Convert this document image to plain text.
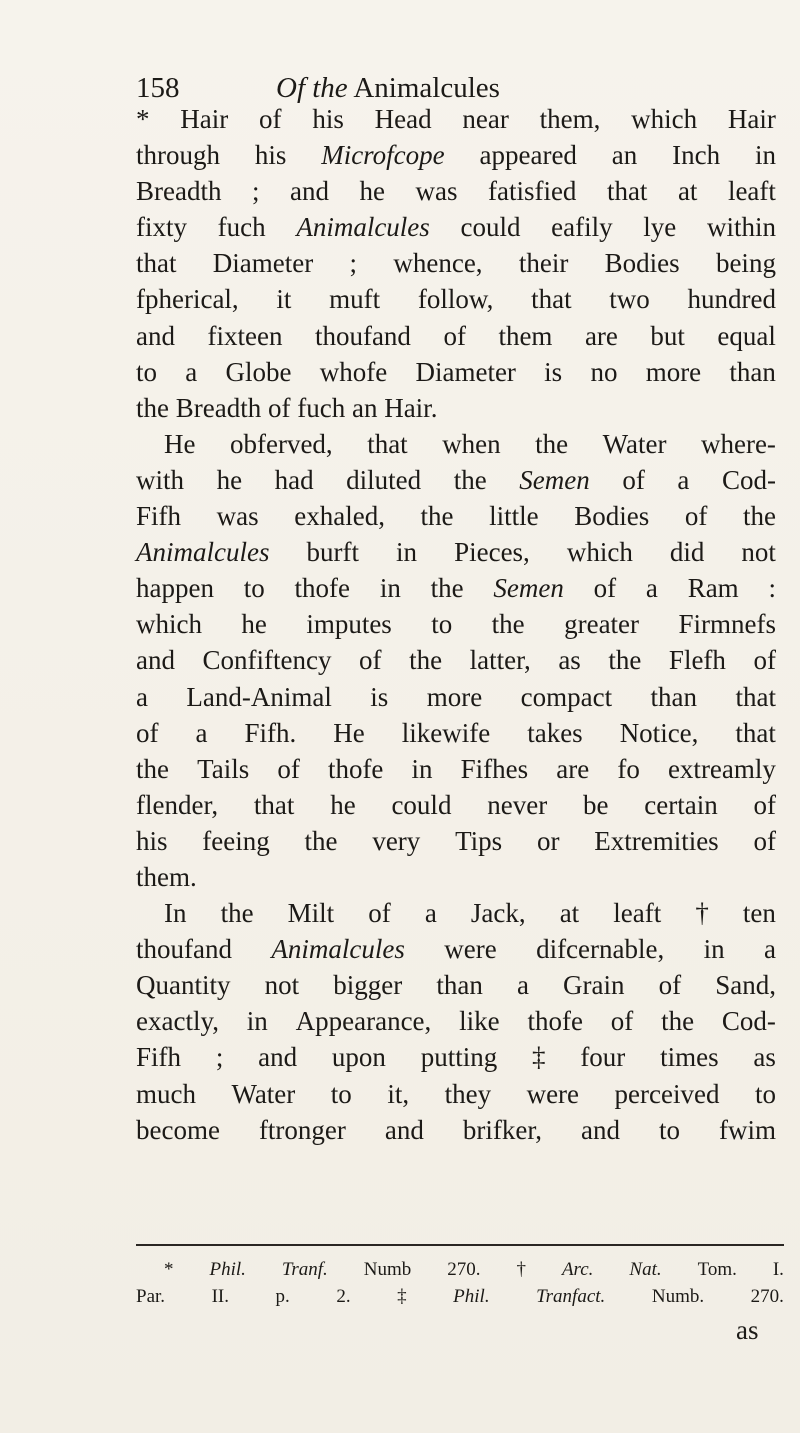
158	Of the Animalcules
* Hair of his Head near them, which Hair
through his Microfcope appeared an Inch in
Breadth ; and he was fatisfied that at leaft
fixty fuch Animalcules could eafily lye within
that Diameter ; whence, their Bodies being
fpherical, it muft follow, that two hundred
and fixteen thoufand of them are but equal
to a Globe whofe Diameter is no more than
the
Breadth
of
fuch
an
Hair.
He obferved, that when the Water where-
with he had diluted the Semen of a Cod-
Fifh was exhaled, the little Bodies of the
Animalcules burft in Pieces, which did not
happen to thofe in the Semen of a Ram :
which he imputes to the greater Firmnefs
and Confiftency of the latter, as the Flefh of
a Land-Animal is more compact than that
of a Fifh. He likewife takes Notice, that
the Tails of thofe in Fifhes are fo extreamly
flender, that he could never be certain of
his feeing the very Tips or Extremities of
them.
In the Milt of a Jack, at leaft † ten
thoufand Animalcules were difcernable, in a
Quantity not bigger than a Grain of Sand,
exactly, in Appearance, like thofe of the Cod-
Fifh ; and upon putting ‡ four times as
much Water to it, they were perceived to
become ftronger and brifker, and to fwim
* Phil. Tranf. Numb 270. † Arc. Nat. Tom. I.
Par. II. p. 2. ‡ Phil. Tranfact. Numb. 270.
as
